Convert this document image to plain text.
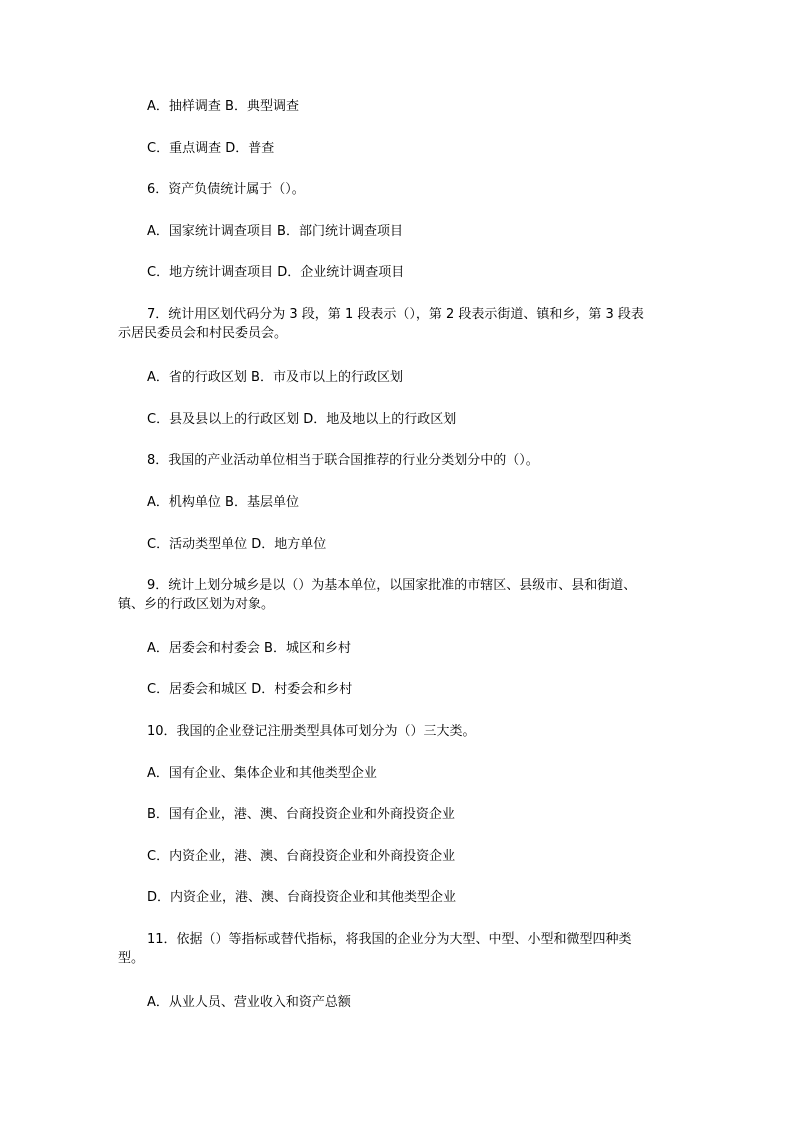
A．抽样调查 B．典型调查

C．重点调查 D．普查

6．资产负债统计属于（）。

A．国家统计调查项目 B．部门统计调查项目

C．地方统计调查项目 D．企业统计调查项目

7．统计用区划代码分为 3 段，第 1 段表示（），第 2 段表示街道、镇和乡，第 3 段表
示居民委员会和村民委员会。

A．省的行政区划 B．市及市以上的行政区划

C．县及县以上的行政区划 D．地及地以上的行政区划

8．我国的产业活动单位相当于联合国推荐的行业分类划分中的（）。

A．机构单位 B．基层单位

C．活动类型单位 D．地方单位

9．统计上划分城乡是以（）为基本单位，以国家批准的市辖区、县级市、县和街道、
镇、乡的行政区划为对象。

A．居委会和村委会 B．城区和乡村

C．居委会和城区 D．村委会和乡村

10．我国的企业登记注册类型具体可划分为（）三大类。

A．国有企业、集体企业和其他类型企业

B．国有企业，港、澳、台商投资企业和外商投资企业

C．内资企业，港、澳、台商投资企业和外商投资企业

D．内资企业，港、澳、台商投资企业和其他类型企业

11．依据（）等指标或替代指标，将我国的企业分为大型、中型、小型和微型四种类
型。

A．从业人员、营业收入和资产总额
